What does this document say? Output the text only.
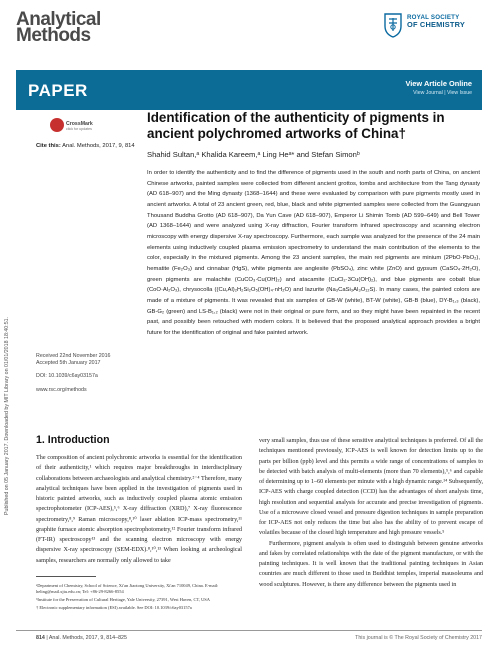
Analytical
Methods
ROYAL SOCIETY
OF CHEMISTRY
PAPER	View Article Online
View Journal | View Issue
CrossMark
click for updates
Cite this: Anal. Methods, 2017, 9, 814
Identification of the authenticity of pigments in ancient polychromed artworks of China†
Shahid Sultan,ᵃ Khalida Kareem,ᵃ Ling Heᵃ* and Stefan Simonᵇ
In order to identify the authenticity and to find the difference of pigments used in the south and north parts of China, on ancient Chinese artworks, painted samples were collected from different ancient grottos, tombs and architecture from the Tang dynasty (AD 618–907) and the Ming dynasty (1368–1644) and these were evaluated by comparison with pure pigments mostly used in ancient artworks. A total of 23 ancient green, red, blue, black and white pigmented samples were collected from the Guangyuan Thousand Buddha Grotto (AD 618–907), Da Yun Cave (AD 618–907), Emperor Li Shimin Tomb (AD 599–649) and Bell Tower (AD 1368–1644) and were analyzed using X-ray diffraction, Fourier transform infrared spectroscopy and scanning electron microscopy with energy dispersive X-ray spectroscopy. Furthermore, each sample was analyzed for the presence of the 24 main elements using inductively coupled plasma emission spectrometry to understand the main contribution of the elements to the color, especially in the mixtured pigments. Among the 23 ancient samples, the main red pigments are minium (2PbO·PbO₂), hematite (Fe₂O₃) and cinnabar (HgS), white pigments are anglesite (PbSO₄), zinc white (ZnO) and gypsum (CaSO₄·2H₂O), green pigments are malachite (CuCO₃·Cu(OH)₂) and atacamite (CuCl₂·3Cu(OH)₂), and blue pigments are cobalt blue (CoO·Al₂O₃), chrysocolla ((Cu,Al)₂H₂Si₂O₅(OH)₄·nH₂O) and lazurite (Na₃CaSi₃Al₃O₁₂S). In many cases, the painted colors are made of a mixture of pigments. It was revealed that six samples of GB-W (white), BT-W (white), GB-B (blue), DY-B₁,₃ (black), GB-G₂ (green) and LS-B₁,₂ (black) were not in their original or pure form, and so they might have been repainted in the recent past, and possibly been retouched with modern colors. It is believed that the proposed analytical approach provides a bright future for the identification of original and fake painted artwork.
Received 22nd November 2016
Accepted 5th January 2017
DOI: 10.1039/c6ay03157a
www.rsc.org/methods
Published on 05 January 2017. Downloaded by MIT Library on 01/01/2018 18:40:51. 1. Introduction

The composition of ancient polychromic artworks is essential for the identification of their authenticity,¹ which requires major breakthroughs in interdisciplinary collaborations between archaeologists and analytical chemistry.²⁻⁴ Therefore, many analytical techniques have been applied in the investigation of pigments used in historic painted artworks, such as inductively coupled plasma atomic emission spectrophotometer (ICP-AES),⁵,⁶ X-ray diffraction (XRD),⁷ X-ray fluorescence spectrometry,⁸,⁹ Raman microscopy,⁸,¹⁰ laser ablation ICP-mass spectrometry,¹¹ graphite furnace atomic absorption spectrophotometry,¹² Fourier transform infrared (FT-IR) spectroscopy¹³ and the scanning electron microscopy with energy dispersive X-ray spectroscopy (SEM-EDX).⁸,¹⁰,¹³ When looking at archeological samples, researchers are normally only allowed to take

very small samples, thus use of these sensitive analytical techniques is preferred. Of all the techniques mentioned previously, ICP-AES is well known for detection limits up to the parts per billion (ppb) level and this permits a wide range of concentrations of samples to be detected with batch analysis of multi-elements (more than 70 elements),⁵,⁶ and capable of determining up to 1–60 elements per minute with a high dynamic range.¹⁴ Subsequently, ICP-AES with charge coupled detection (CCD) has the advantages of short analysis time, high resolution and sequential analysis for accurate and precise investigation of pigments. Use of a microwave closed vessel and pressure digestion techniques in sample preparation for ICP-AES not only reduces the time but also has the ability of to prevent escape of volatiles because of the closed high temperature and high pressure vessels.⁵

Furthermore, pigment analysis is often used to distinguish between genuine artworks and fakes by correlated relationships with the date of the pigment manufacture, or with the painting techniques. It is well known that the traditional painting techniques in Asian countries are much different to those used in Buddhist temples, imperial mausoleums and wood sculptures. However, is there any difference between the pigments used in

ᵃDepartment of Chemistry, School of Science, Xi'an Jiaotong University, Xi'an 710049, China. E-mail: heling@mail.xjtu.edu.cn; Tel: +86-29-8266-8554
ᵇInstitute for the Preservation of Cultural Heritage, Yale University, 27391, West Haven, CT, USA
† Electronic supplementary information (ESI) available. See DOI: 10.1039/c6ay03157a
814 | Anal. Methods, 2017, 9, 814–825	This journal is © The Royal Society of Chemistry 2017
